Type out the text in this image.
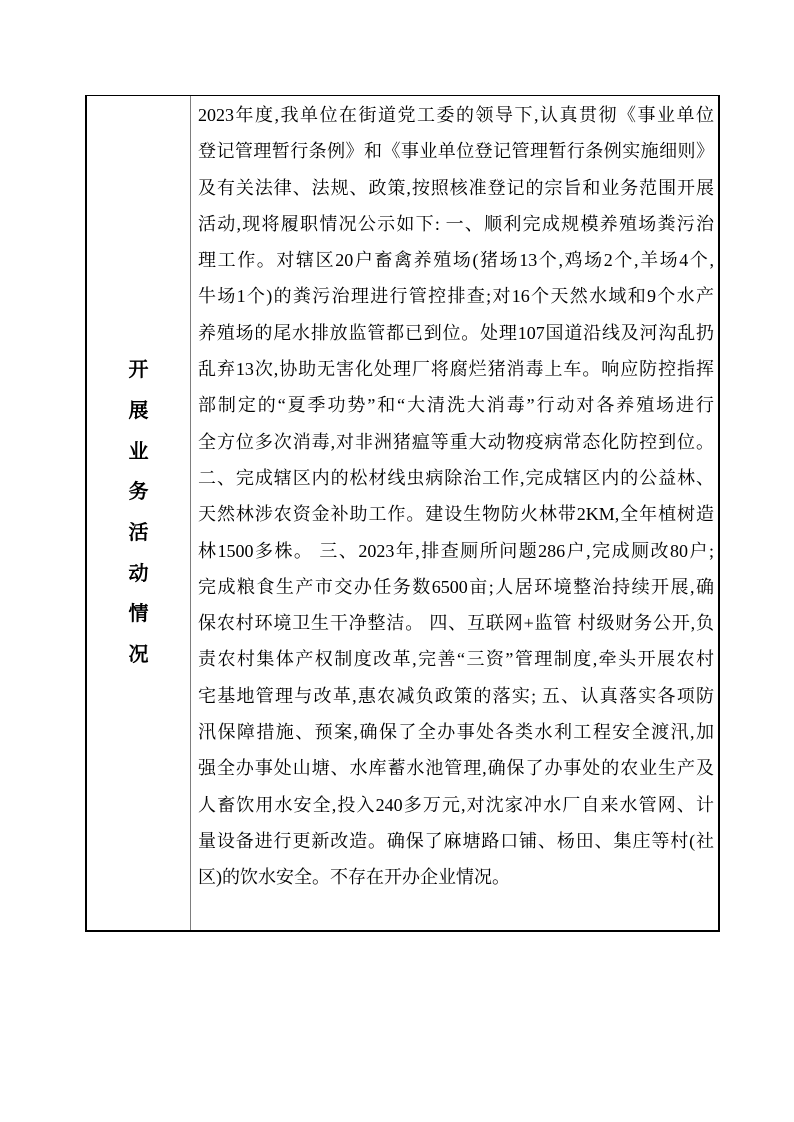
开
展
业
务
活
动
情
况
2023年度,我单位在街道党工委的领导下,认真贯彻《事业单位
登记管理暂行条例》和《事业单位登记管理暂行条例实施细则》
及有关法律、法规、政策,按照核准登记的宗旨和业务范围开展
活动,现将履职情况公示如下: 一、顺利完成规模养殖场粪污治
理工作。对辖区20户畜禽养殖场(猪场13个,鸡场2个,羊场4个,
牛场1个)的粪污治理进行管控排查;对16个天然水域和9个水产
养殖场的尾水排放监管都已到位。处理107国道沿线及河沟乱扔
乱弃13次,协助无害化处理厂将腐烂猪消毒上车。响应防控指挥
部制定的“夏季功势”和“大清洗大消毒”行动对各养殖场进行
全方位多次消毒,对非洲猪瘟等重大动物疫病常态化防控到位。
二、完成辖区内的松材线虫病除治工作,完成辖区内的公益林、
天然林涉农资金补助工作。建设生物防火林带2KM,全年植树造
林1500多株。 三、2023年,排查厕所问题286户,完成厕改80户;
完成粮食生产市交办任务数6500亩;人居环境整治持续开展,确
保农村环境卫生干净整洁。 四、互联网+监管 村级财务公开,负
责农村集体产权制度改革,完善“三资”管理制度,牵头开展农村
宅基地管理与改革,惠农减负政策的落实; 五、认真落实各项防
汛保障措施、预案,确保了全办事处各类水利工程安全渡汛,加
强全办事处山塘、水库蓄水池管理,确保了办事处的农业生产及
人畜饮用水安全,投入240多万元,对沈家冲水厂自来水管网、计
量设备进行更新改造。确保了麻塘路口铺、杨田、集庄等村(社
区)的饮水安全。不存在开办企业情况。
